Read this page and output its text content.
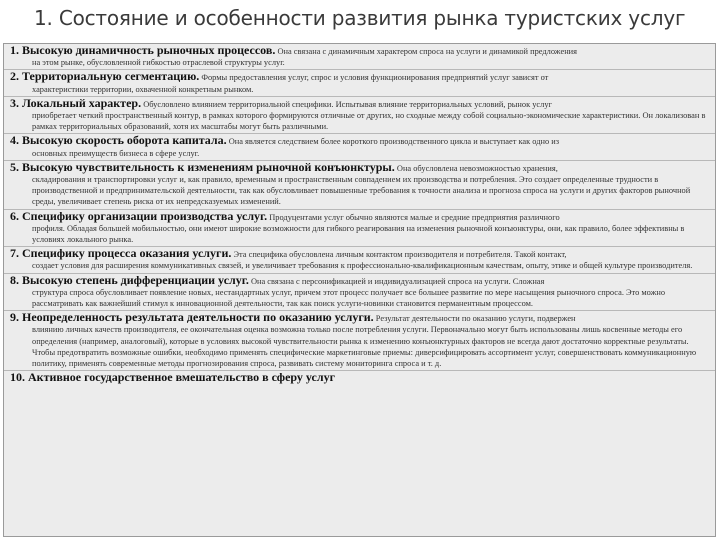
1. Состояние и особенности развития рынка туристских услуг
1. Высокую динамичность рыночных процессов. Она связана с динамичным характером спроса на услуги и динамикой предложения
на этом рынке, обусловленной гибкостью отраслевой структуры услуг.
2. Территориальную сегментацию. Формы предоставления услуг, спрос и условия функционирования предприятий услуг зависят от
характеристики территории, охваченной конкретным рынком.
3. Локальный характер. Обусловлено влиянием территориальной специфики. Испытывая влияние территориальных условий, рынок услуг
приобретает четкий пространственный контур, в рамках которого формируются отличные от других, но сходные между собой социально-экономические характеристики. Он локализован в рамках территориальных образований, хотя их масштабы могут быть различными.
4. Высокую скорость оборота капитала. Она является следствием более короткого производственного цикла и выступает как одно из
основных преимуществ бизнеса в сфере услуг.
5. Высокую чувствительность к изменениям рыночной конъюнктуры. Она обусловлена невозможностью хранения,
складирования и транспортировки услуг и, как правило, временным и пространственным совпадением их производства и потребления. Это создает определенные трудности в производственной и предпринимательской деятельности, так как обусловливает повышенные требования к точности анализа и прогноза спроса на услуги и других факторов рыночной среды, увеличивает степень риска от их непредсказуемых изменений.
6. Специфику организации производства услуг. Продуцентами услуг обычно являются малые и средние предприятия различного
профиля. Обладая большей мобильностью, они имеют широкие возможности для гибкого реагирования на изменения рыночной конъюнктуры, они, как правило, более эффективны в условиях локального рынка.
7. Специфику процесса оказания услуги. Эта специфика обусловлена личным контактом производителя и потребителя. Такой контакт,
создает условия для расширения коммуникативных связей, и увеличивает требования к профессионально-квалификационным качествам, опыту, этике и общей культуре производителя.
8. Высокую степень дифференциации услуг. Она связана с персонификацией и индивидуализацией спроса на услуги. Сложная
структура спроса обусловливает появление новых, нестандартных услуг, причем этот процесс получает все большее развитие по мере насыщения рыночного спроса. Это можно рассматривать как важнейший стимул к инновационной деятельности, так как поиск услуги-новинки становится перманентным процессом.
9. Неопределенность результата деятельности по оказанию услуги. Результат деятельности по оказанию услуги, подвержен
влиянию личных качеств производителя, ее окончательная оценка возможна только после потребления услуги. Первоначально могут быть использованы лишь косвенные методы его определения (например, аналоговый), которые в условиях высокой чувствительности рынка к изменению конъюнктурных факторов не всегда дают достаточно корректные результаты. Чтобы предотвратить возможные ошибки, необходимо применять специфические маркетинговые приемы: диверсифицировать ассортимент услуг, совершенствовать коммуникационную политику, применять современные методы прогнозирования спроса, развивать систему мониторинга спроса и т. д.
10. Активное государственное вмешательство в сферу услуг
